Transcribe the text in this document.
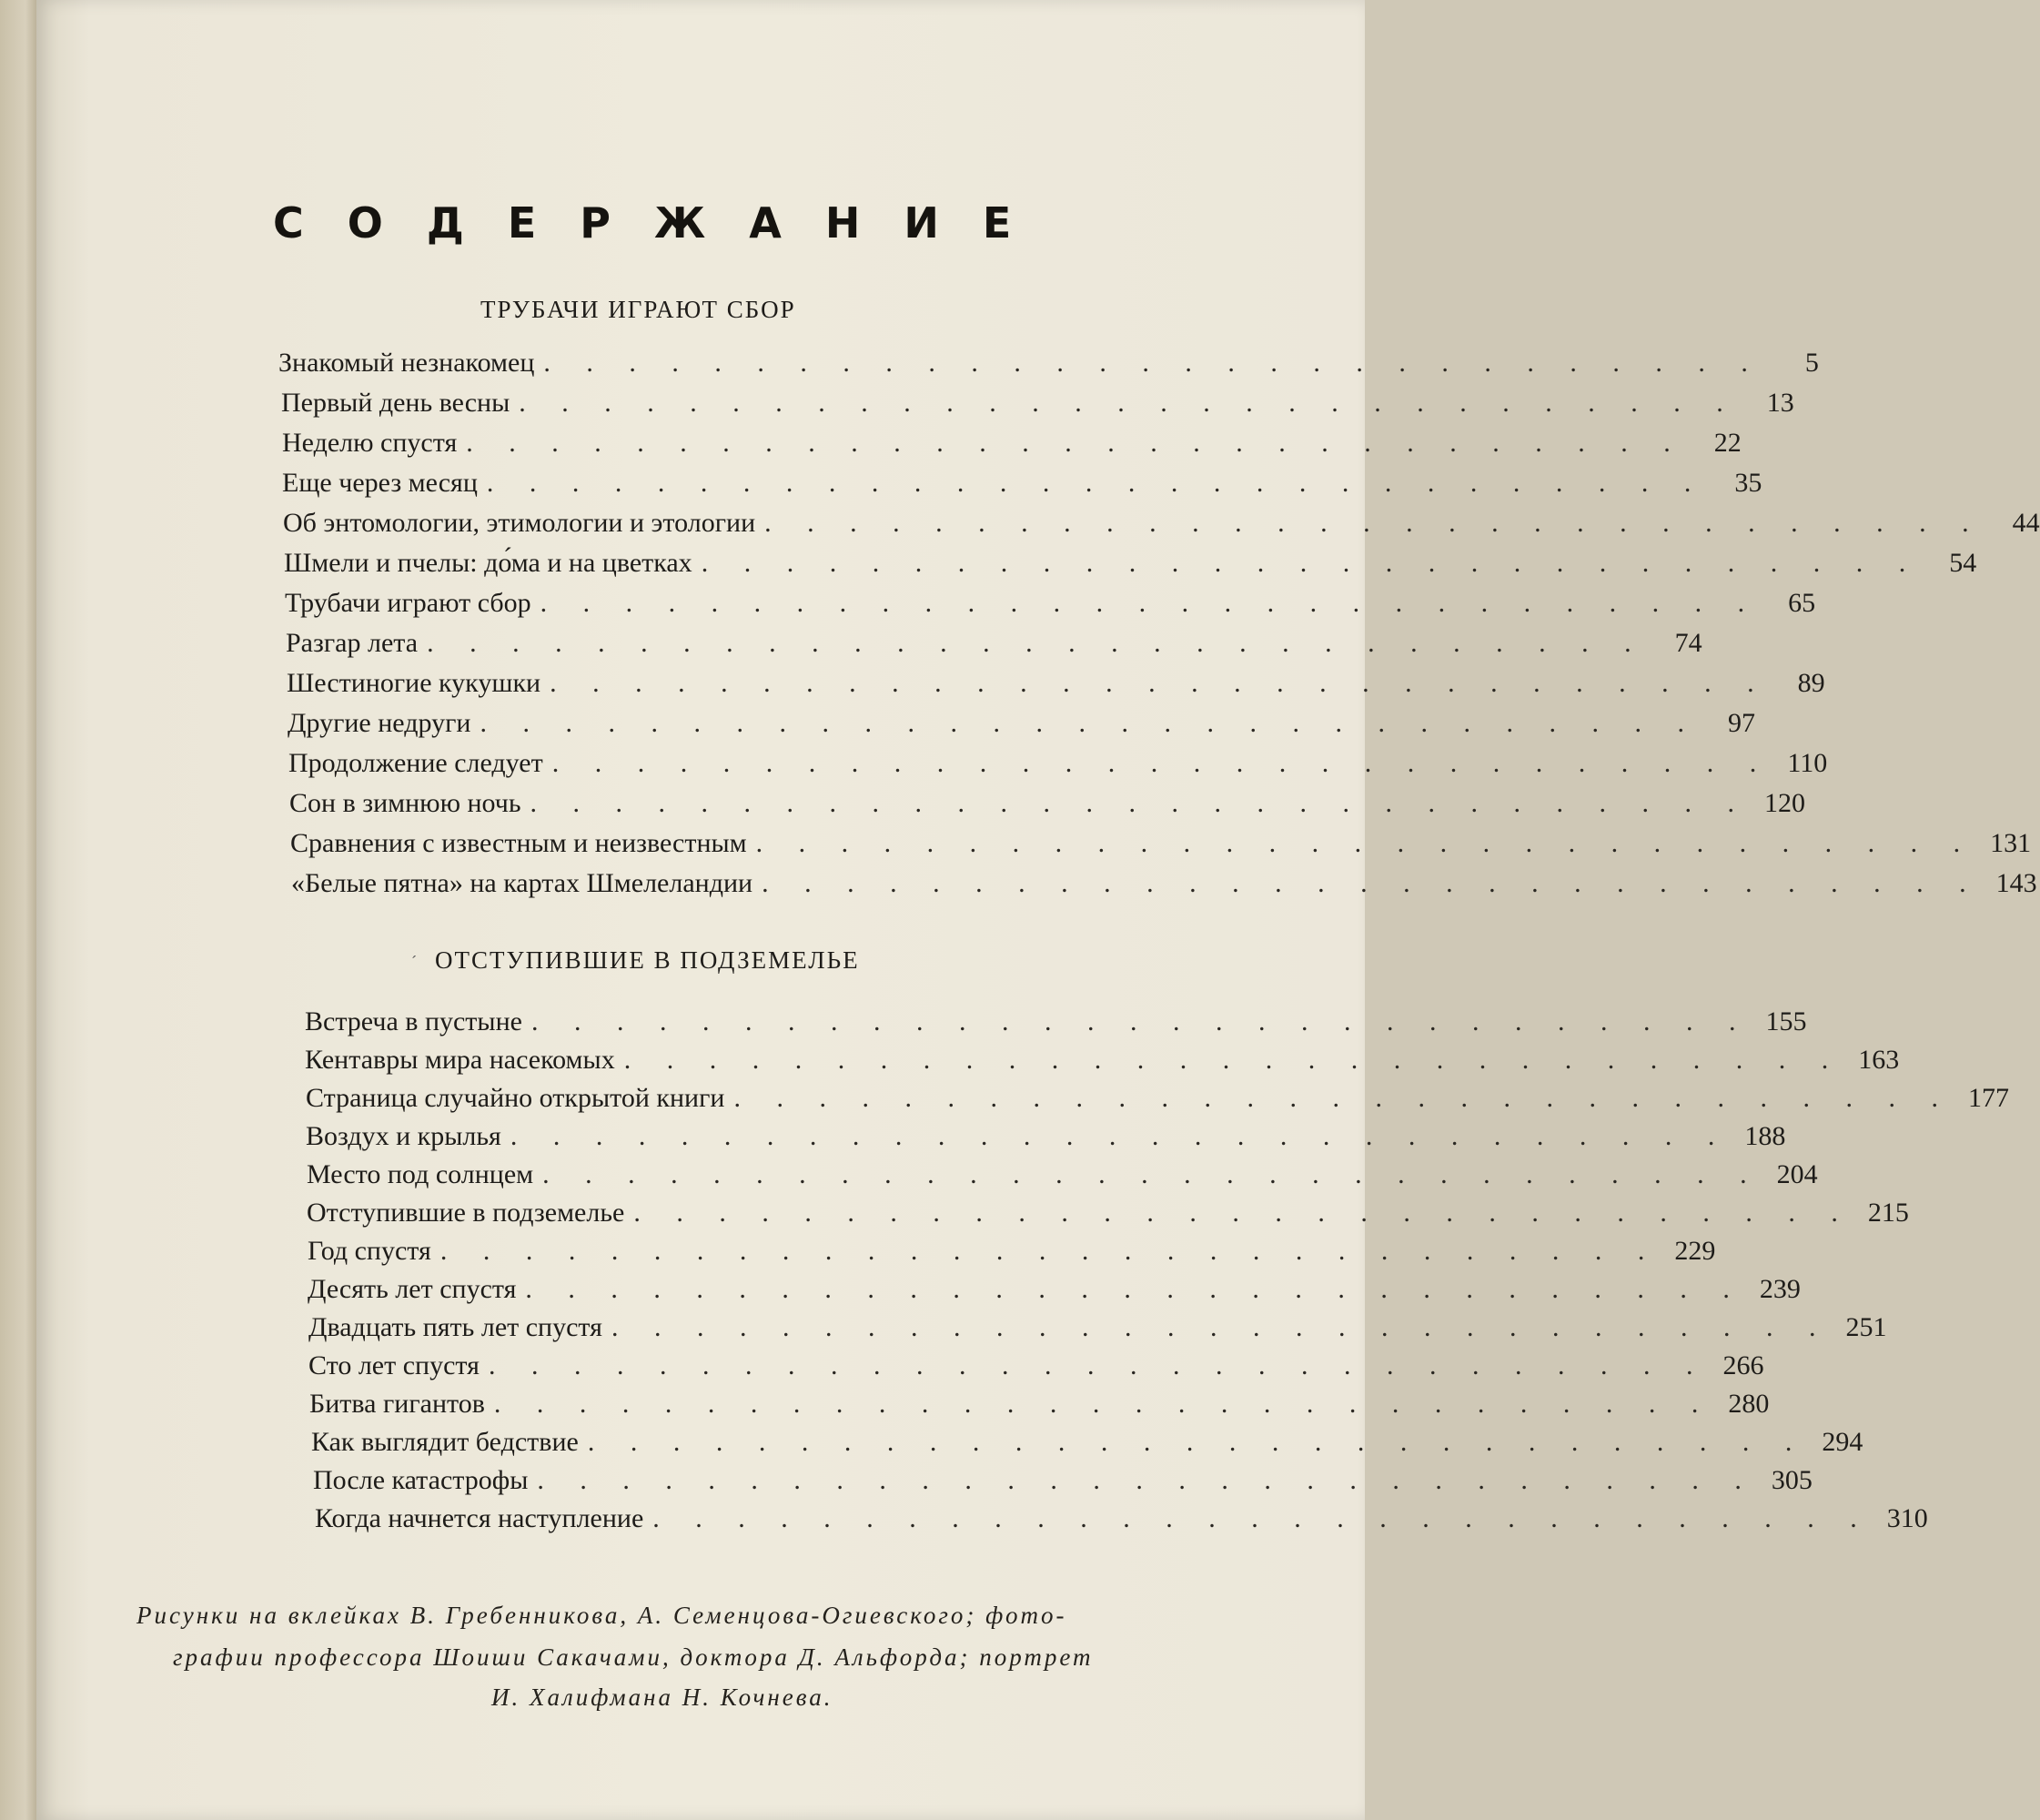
СОДЕРЖАНИЕ
ТРУБАЧИ ИГРАЮТ СБОР
Знакомый незнакомец . . . . . . . . . . . . . . . . . . . . . . . . . . . . .	5
Первый день весны . . . . . . . . . . . . . . . . . . . . . . . . . . . . .	13
Неделю спустя . . . . . . . . . . . . . . . . . . . . . . . . . . . . .	22
Еще через месяц . . . . . . . . . . . . . . . . . . . . . . . . . . . . .	35
Об энтомологии, этимологии и этологии . . . . . . . . . . . . . . . . . . . . . . . . . . . . .	44
Шмели и пчелы: до́ма и на цветках . . . . . . . . . . . . . . . . . . . . . . . . . . . . .	54
Трубачи играют сбор . . . . . . . . . . . . . . . . . . . . . . . . . . . . .	65
Разгар лета . . . . . . . . . . . . . . . . . . . . . . . . . . . . .	74
Шестиногие кукушки . . . . . . . . . . . . . . . . . . . . . . . . . . . . .	89
Другие недруги . . . . . . . . . . . . . . . . . . . . . . . . . . . . .	97
Продолжение следует . . . . . . . . . . . . . . . . . . . . . . . . . . . . . 110
Сон в зимнюю ночь . . . . . . . . . . . . . . . . . . . . . . . . . . . . . 120
Сравнения с известным и неизвестным . . . . . . . . . . . . . . . . . . . . . . . . . . . . . 131
«Белые пятна» на картах Шмелеландии . . . . . . . . . . . . . . . . . . . . . . . . . . . . . 143
ˊ ОТСТУПИВШИЕ В ПОДЗЕМЕЛЬЕ
Встреча в пустыне . . . . . . . . . . . . . . . . . . . . . . . . . . . . . 155
Кентавры мира насекомых . . . . . . . . . . . . . . . . . . . . . . . . . . . . . 163
Страница случайно открытой книги . . . . . . . . . . . . . . . . . . . . . . . . . . . . . 177
Воздух и крылья . . . . . . . . . . . . . . . . . . . . . . . . . . . . . 188
Место под солнцем . . . . . . . . . . . . . . . . . . . . . . . . . . . . . 204
Отступившие в подземелье . . . . . . . . . . . . . . . . . . . . . . . . . . . . . 215
Год спустя . . . . . . . . . . . . . . . . . . . . . . . . . . . . . 229
Десять лет спустя . . . . . . . . . . . . . . . . . . . . . . . . . . . . . 239
Двадцать пять лет спустя . . . . . . . . . . . . . . . . . . . . . . . . . . . . . 251
Сто лет спустя . . . . . . . . . . . . . . . . . . . . . . . . . . . . . 266
Битва гигантов . . . . . . . . . . . . . . . . . . . . . . . . . . . . . 280
Как выглядит бедствие . . . . . . . . . . . . . . . . . . . . . . . . . . . . . 294
После катастрофы . . . . . . . . . . . . . . . . . . . . . . . . . . . . . 305
Когда начнется наступление . . . . . . . . . . . . . . . . . . . . . . . . . . . . . 310
Рисунки на вклейках В. Гребенникова, А. Семенцова-Огиевского; фото-
графии профессора Шоиши Сакачами, доктора Д. Альфорда; портрет
И. Халифмана Н. Кочнева.
